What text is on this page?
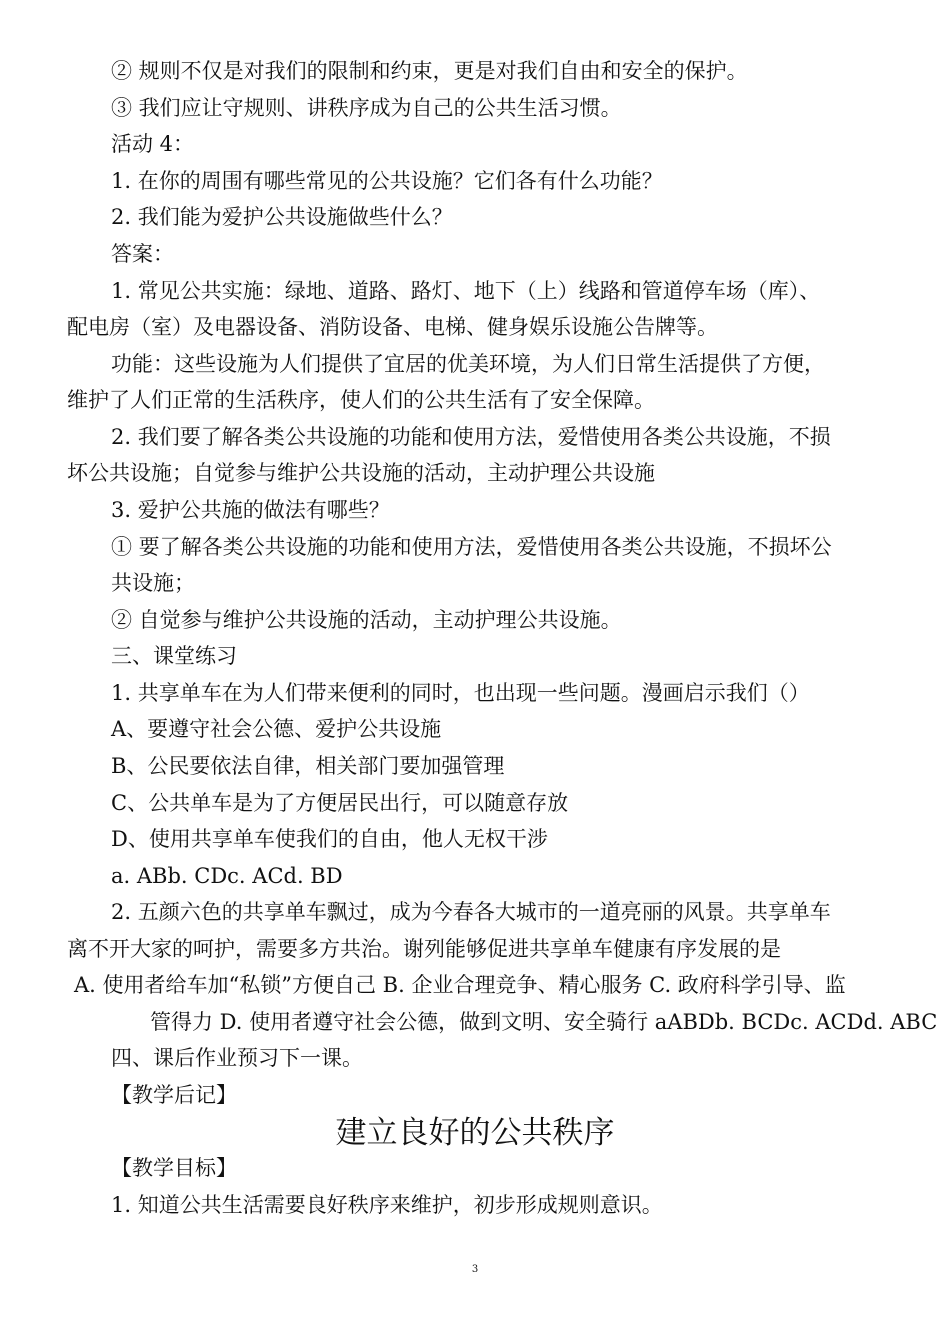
② 规则不仅是对我们的限制和约束，更是对我们自由和安全的保护。
③ 我们应让守规则、讲秩序成为自己的公共生活习惯。
活动 4：
1. 在你的周围有哪些常见的公共设施？它们各有什么功能？
2. 我们能为爱护公共设施做些什么？
答案：
1. 常见公共实施：绿地、道路、路灯、地下（上）线路和管道停车场（库）、
配电房（室）及电器设备、消防设备、电梯、健身娱乐设施公告牌等。
功能：这些设施为人们提供了宜居的优美环境，为人们日常生活提供了方便，
维护了人们正常的生活秩序，使人们的公共生活有了安全保障。
2. 我们要了解各类公共设施的功能和使用方法，爱惜使用各类公共设施，不损
坏公共设施；自觉参与维护公共设施的活动，主动护理公共设施
3. 爱护公共施的做法有哪些？
① 要了解各类公共设施的功能和使用方法，爱惜使用各类公共设施，不损坏公
共设施；
② 自觉参与维护公共设施的活动，主动护理公共设施。
三、课堂练习
1. 共享单车在为人们带来便利的同时，也出现一些问题。漫画启示我们（）
A、要遵守社会公德、爱护公共设施
B、公民要依法自律，相关部门要加强管理
C、公共单车是为了方便居民出行，可以随意存放
D、使用共享单车使我们的自由，他人无权干涉
a. ABb. CDc. ACd. BD
2. 五颜六色的共享单车飘过，成为今春各大城市的一道亮丽的风景。共享单车
离不开大家的呵护，需要多方共治。谢列能够促进共享单车健康有序发展的是
A. 使用者给车加“私锁”方便自己 B. 企业合理竞争、精心服务 C. 政府科学引导、监
管得力 D. 使用者遵守社会公德，做到文明、安全骑行 aABDb. BCDc. ACDd. ABC
四、课后作业预习下一课。
【教学后记】
建立良好的公共秩序
【教学目标】
1. 知道公共生活需要良好秩序来维护，初步形成规则意识。
3
